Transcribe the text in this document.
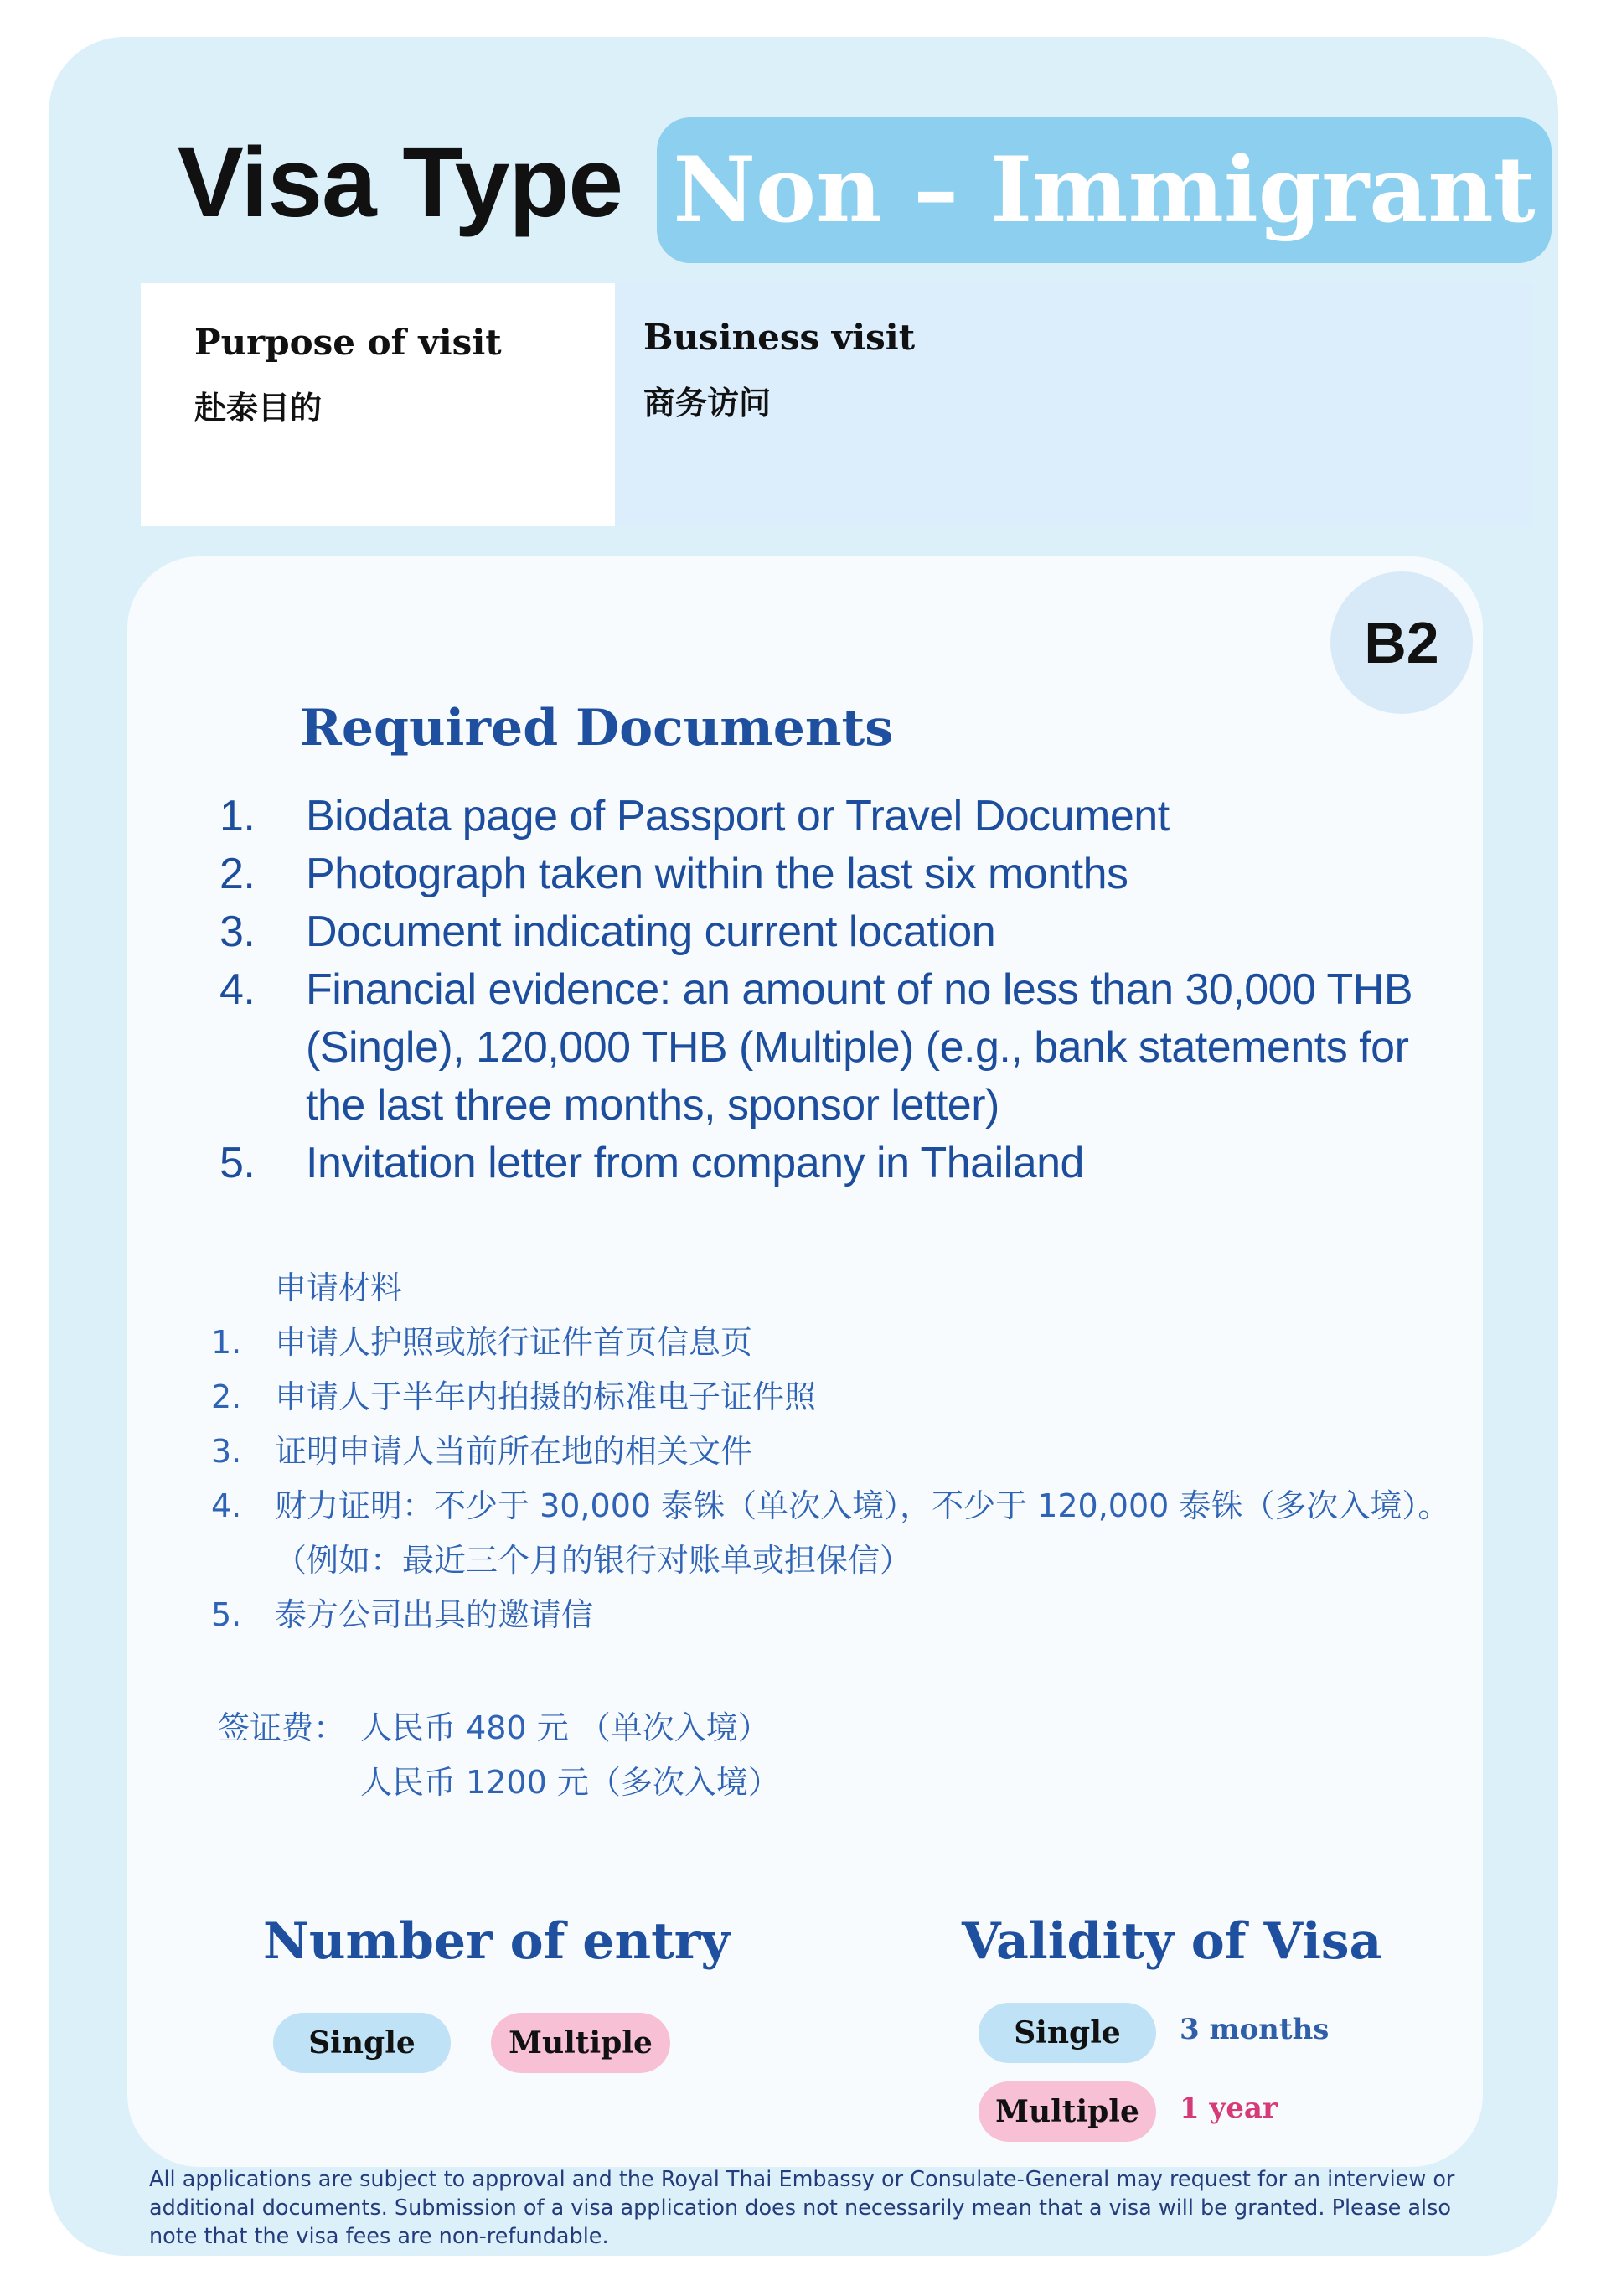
Visa Type Non – Immigrant
Purpose of visit
赴泰目的
Business visit
商务访问
B2
Required Documents
1.	Biodata page of Passport or Travel Document
2.	Photograph taken within the last six months
3.	Document indicating current location
4.	Financial evidence: an amount of no less than 30,000 THB (Single), 120,000 THB (Multiple) (e.g., bank statements for the last three months, sponsor letter)
5.	Invitation letter from company in Thailand
申请材料
1.	申请人护照或旅行证件首页信息页
2.	申请人于半年内拍摄的标准电子证件照
3.	证明申请人当前所在地的相关文件
4.	财力证明：不少于 30,000 泰铢（单次入境），不少于 120,000 泰铢（多次入境）。（例如：最近三个月的银行对账单或担保信）
5.	泰方公司出具的邀请信
签证费： 人民币 480 元 （单次入境）
人民币 1200 元（多次入境）
Number of entry
Single	Multiple
Validity of Visa
Single	3 months
Multiple	1 year
All applications are subject to approval and the Royal Thai Embassy or Consulate-General may request for an interview or additional documents. Submission of a visa application does not necessarily mean that a visa will be granted. Please also note that the visa fees are non-refundable.
